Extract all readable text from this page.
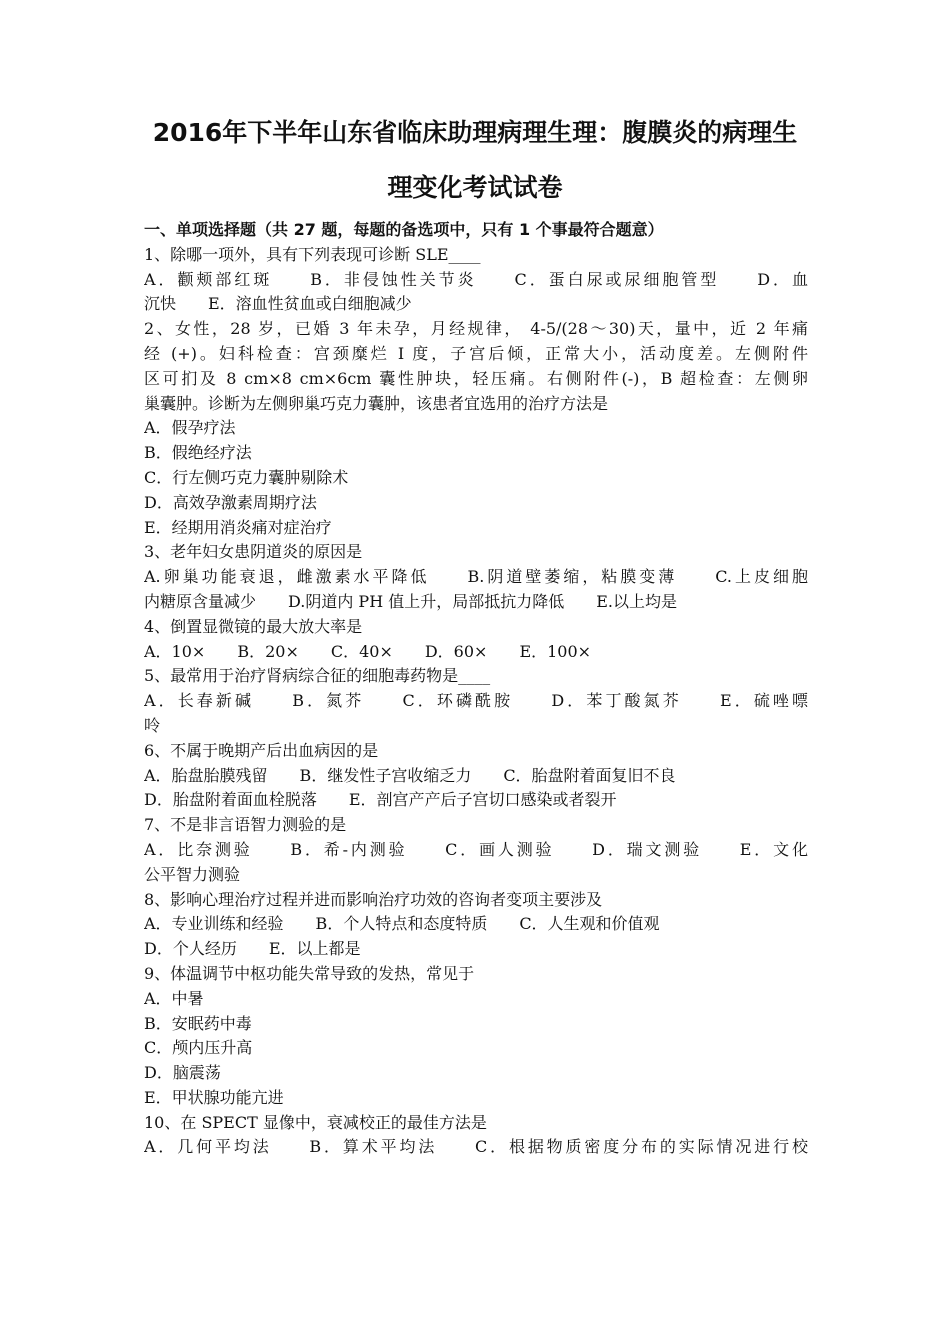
2016年下半年山东省临床助理病理生理：腹膜炎的病理生
理变化考试试卷
一、单项选择题（共 27 题，每题的备选项中，只有 1 个事最符合题意）
1、除哪一项外，具有下列表现可诊断 SLE____
A．颧颊部红斑　　B．非侵蚀性关节炎　　C．蛋白尿或尿细胞管型　　D．血
沉快　　E．溶血性贫血或白细胞减少
2、女性，28 岁，已婚 3 年未孕，月经规律， 4-5/(28～30)天，量中，近 2 年痛
经 (+)。妇科检查：宫颈糜烂 I 度，子宫后倾，正常大小，活动度差。左侧附件
区可扪及 8 cm×8 cm×6cm 囊性肿块，轻压痛。右侧附件(-)，B 超检查：左侧卵
巢囊肿。诊断为左侧卵巢巧克力囊肿，该患者宜选用的治疗方法是
A．假孕疗法
B．假绝经疗法
C．行左侧巧克力囊肿剔除术
D．高效孕激素周期疗法
E．经期用消炎痛对症治疗
3、老年妇女患阴道炎的原因是
A.卵巢功能衰退，雌激素水平降低　　B.阴道壁萎缩，粘膜变薄　　C.上皮细胞
内糖原含量减少　　D.阴道内 PH 值上升，局部抵抗力降低　　E.以上均是
4、倒置显微镜的最大放大率是
A．10×　　B．20×　　C．40×　　D．60×　　E．100×
5、最常用于治疗肾病综合征的细胞毒药物是____
A．长春新碱　　B．氮芥　　C．环磷酰胺　　D．苯丁酸氮芥　　E．硫唑嘌
呤
6、不属于晚期产后出血病因的是
A．胎盘胎膜残留　　B．继发性子宫收缩乏力　　C．胎盘附着面复旧不良
D．胎盘附着面血栓脱落　　E．剖宫产产后子宫切口感染或者裂开
7、不是非言语智力测验的是
A．比奈测验　　B．希-内测验　　C．画人测验　　D．瑞文测验　　E．文化
公平智力测验
8、影响心理治疗过程并进而影响治疗功效的咨询者变项主要涉及
A．专业训练和经验　　B．个人特点和态度特质　　C．人生观和价值观
D．个人经历　　E．以上都是
9、体温调节中枢功能失常导致的发热，常见于
A．中暑
B．安眠药中毒
C．颅内压升高
D．脑震荡
E．甲状腺功能亢进
10、在 SPECT 显像中，衰减校正的最佳方法是
A．几何平均法　　B．算术平均法　　C．根据物质密度分布的实际情况进行校
